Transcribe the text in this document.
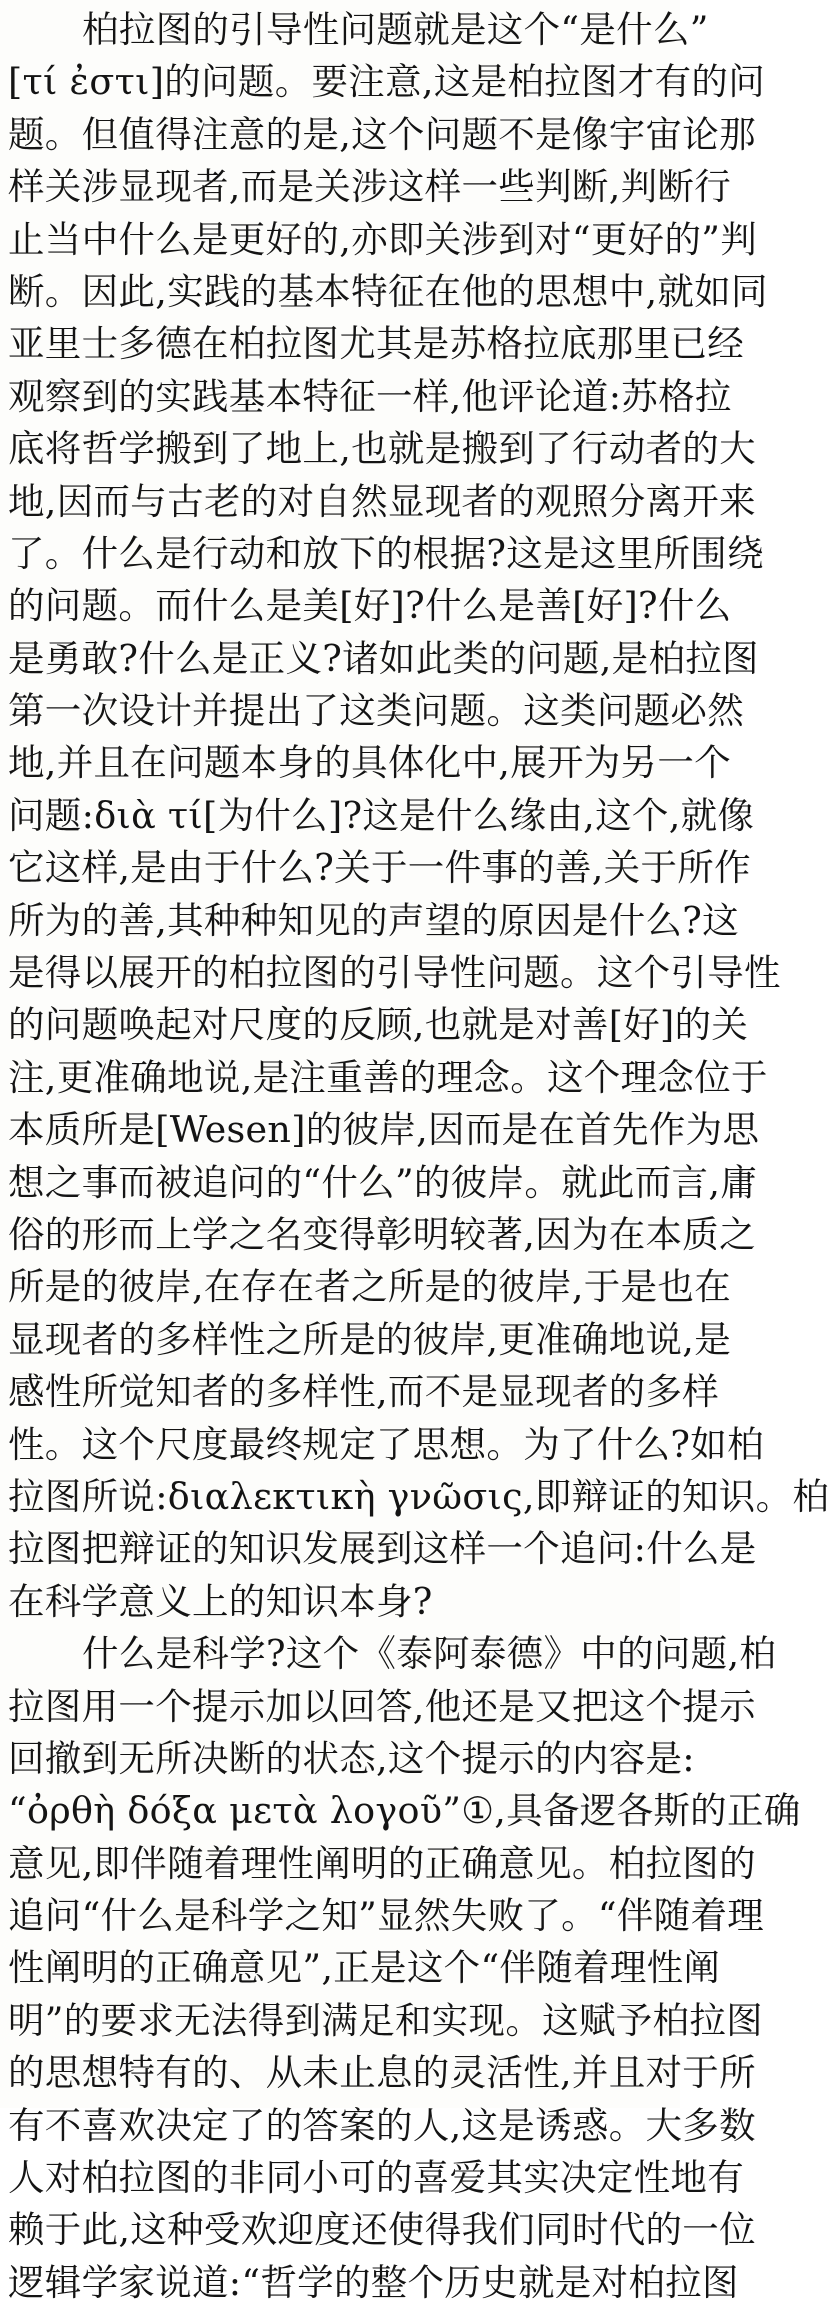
柏拉图的引导性问题就是这个“是什么”
[τί ἐστι]的问题。要注意,这是柏拉图才有的问
题。但值得注意的是,这个问题不是像宇宙论那
样关涉显现者,而是关涉这样一些判断,判断行
止当中什么是更好的,亦即关涉到对“更好的”判
断。因此,实践的基本特征在他的思想中,就如同
亚里士多德在柏拉图尤其是苏格拉底那里已经
观察到的实践基本特征一样,他评论道:苏格拉
底将哲学搬到了地上,也就是搬到了行动者的大
地,因而与古老的对自然显现者的观照分离开来
了。什么是行动和放下的根据?这是这里所围绕
的问题。而什么是美[好]?什么是善[好]?什么
是勇敢?什么是正义?诸如此类的问题,是柏拉图
第一次设计并提出了这类问题。这类问题必然
地,并且在问题本身的具体化中,展开为另一个
问题:διὰ τί[为什么]?这是什么缘由,这个,就像
它这样,是由于什么?关于一件事的善,关于所作
所为的善,其种种知见的声望的原因是什么?这
是得以展开的柏拉图的引导性问题。这个引导性
的问题唤起对尺度的反顾,也就是对善[好]的关
注,更准确地说,是注重善的理念。这个理念位于
本质所是[Wesen]的彼岸,因而是在首先作为思
想之事而被追问的“什么”的彼岸。就此而言,庸
俗的形而上学之名变得彰明较著,因为在本质之
所是的彼岸,在存在者之所是的彼岸,于是也在
显现者的多样性之所是的彼岸,更准确地说,是
感性所觉知者的多样性,而不是显现者的多样
性。这个尺度最终规定了思想。为了什么?如柏
拉图所说:διαλεκτικὴ γνῶσις,即辩证的知识。柏
拉图把辩证的知识发展到这样一个追问:什么是
在科学意义上的知识本身?
什么是科学?这个《泰阿泰德》中的问题,柏
拉图用一个提示加以回答,他还是又把这个提示
回撤到无所决断的状态,这个提示的内容是:
“ὀρθὴ δόξα μετὰ λογοῦ”①,具备逻各斯的正确
意见,即伴随着理性阐明的正确意见。柏拉图的
追问“什么是科学之知”显然失败了。“伴随着理
性阐明的正确意见”,正是这个“伴随着理性阐
明”的要求无法得到满足和实现。这赋予柏拉图
的思想特有的、从未止息的灵活性,并且对于所
有不喜欢决定了的答案的人,这是诱惑。大多数
人对柏拉图的非同小可的喜爱其实决定性地有
赖于此,这种受欢迎度还使得我们同时代的一位
逻辑学家说道:“哲学的整个历史就是对柏拉图
